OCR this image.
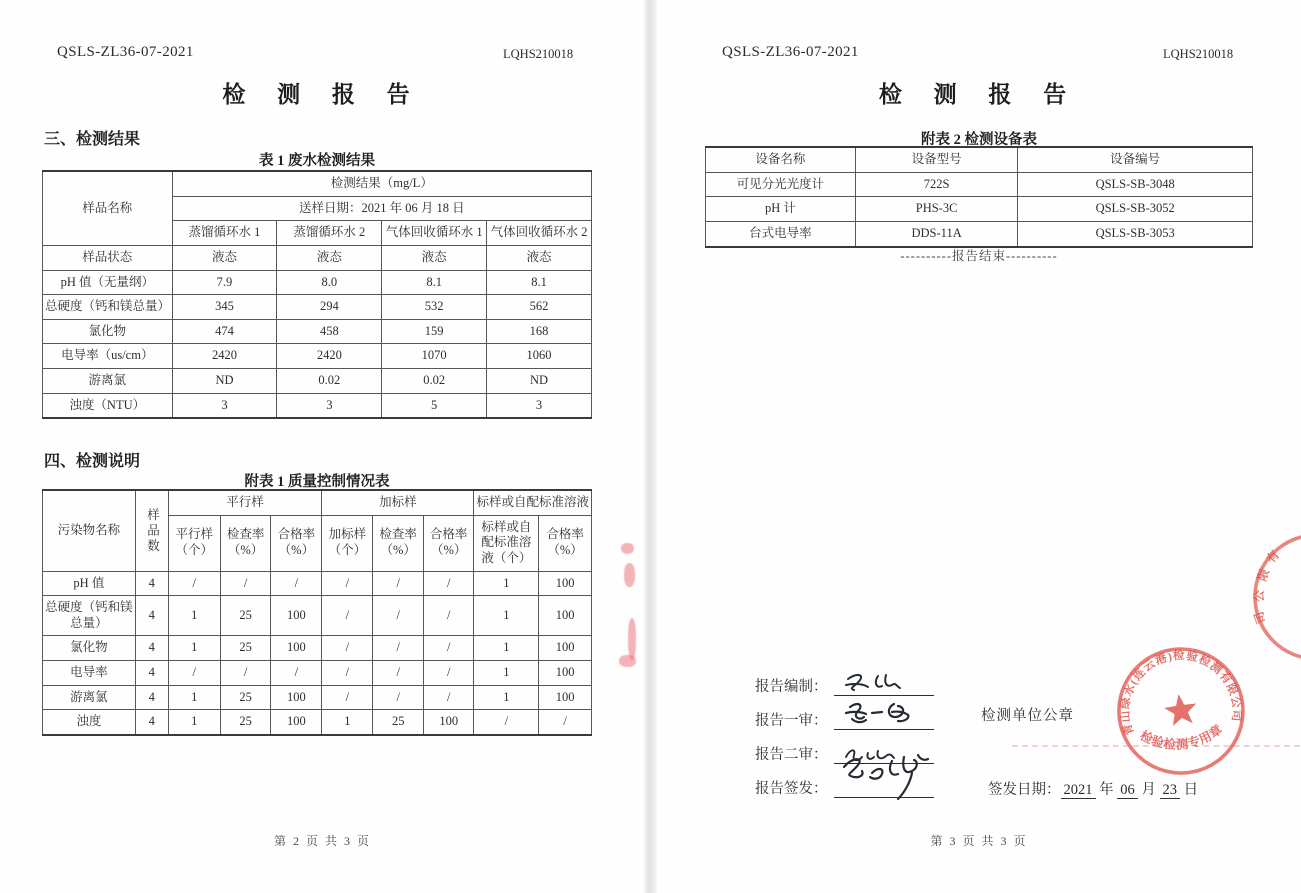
QSLS-ZL36-07-2021	LQHS210018
检 测 报 告
三、检测结果
表 1 废水检测结果
样品名称	检测结果（mg/L）			
	送样日期：2021 年 06 月 18 日			
	蒸馏循环水 1	蒸馏循环水 2	气体回收循环水 1	气体回收循环水 2
样品状态	液态	液态	液态	液态
pH 值（无量纲）	7.9	8.0	8.1	8.1
总硬度（钙和镁总量）	345	294	532	562
氯化物	474	458	159	168
电导率（us/cm）	2420	2420	1070	1060
游离氯	ND	0.02	0.02	ND
浊度（NTU）	3	3	5	3
四、检测说明
附表 1 质量控制情况表
污染物名称	样品数	平行样			加标样			标样或自配标准溶液	
		平行样（个）	检查率（%）	合格率（%）	加标样（个）	检查率（%）	合格率（%）	标样或自配标准溶液（个）	合格率（%）
pH 值	4	/	/	/	/	/	/	1	100
总硬度（钙和镁总量）	4	1	25	100	/	/	/	1	100
氯化物	4	1	25	100	/	/	/	1	100
电导率	4	/	/	/	/	/	/	1	100
游离氯	4	1	25	100	/	/	/	1	100
浊度	4	1	25	100	1	25	100	/	/
第 2 页 共 3 页
QSLS-ZL36-07-2021	LQHS210018
检 测 报 告
附表 2 检测设备表
设备名称	设备型号	设备编号
可见分光光度计	722S	QSLS-SB-3048
pH 计	PHS-3C	QSLS-SB-3052
台式电导率	DDS-11A	QSLS-SB-3053
----------报告结束----------
报告编制：
报告一审：
报告二审：
报告签发：
检测单位公章
签发日期： 2021 年 06 月 23 日
第 3 页 共 3 页
青山绿水(连云港)检验检测有限公司
检验检测专用章
有
限
公
司
